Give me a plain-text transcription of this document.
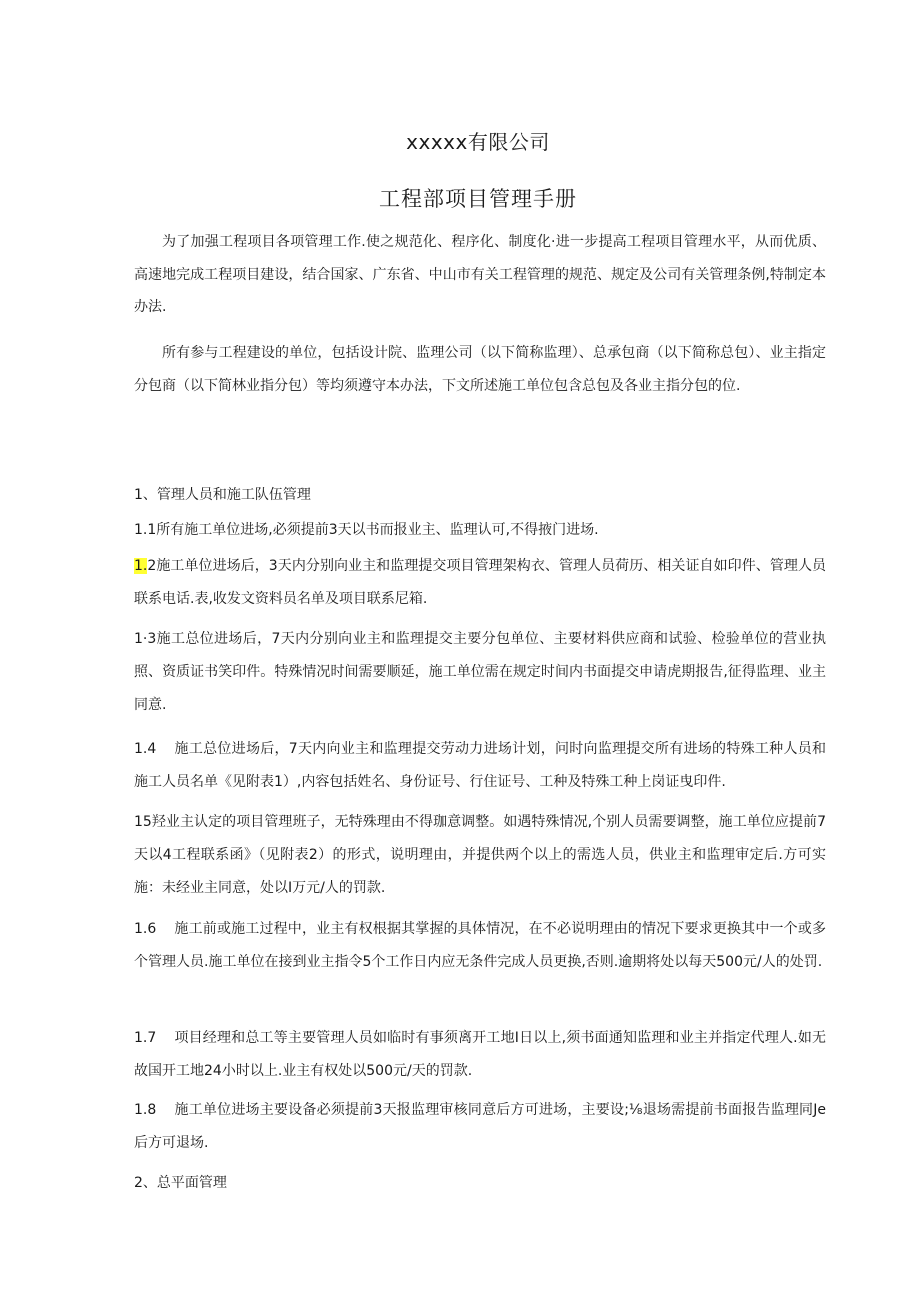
xxxxx有限公司
工程部项目管理手册

为了加强工程项目各项管理工作.使之规范化、程序化、制度化·进一步提高工程项目管理水平，从而优质、高速地完成工程项目建设，结合国家、广东省、中山市有关工程管理的规范、规定及公司有关管理条例,特制定本办法.

所有参与工程建设的单位，包括设计院、监理公司（以下简称监理）、总承包商（以下简称总包）、业主指定分包商（以下简林业指分包）等均须遵守本办法，下文所述施工单位包含总包及各业主指分包的位.

1、管理人员和施工队伍管理

1.1所有施工单位进场,必须提前3天以书而报业主、监理认可,不得掖门进场.

1.2施工单位进场后，3天内分别向业主和监理提交项目管理架构衣、管理人员荷历、相关证自如印件、管理人员联系电话.表,收发文资料员名单及项目联系尼箱.

1·3施工总位进场后，7天内分别向业主和监理提交主要分包单位、主要材料供应商和试验、检验单位的营业执照、资质证书笑印件。特殊情况时间需要顺延，施工单位需在规定时间内书面提交申请虎期报告,征得监理、业主同意.

1.4 施工总位进场后，7天内向业主和监理提交劳动力进场计划，问时向监理提交所有进场的特殊工种人员和施工人员名单《见附表1）,内容包括姓名、身份证号、行住证号、工种及特殊工种上岗证曳印件.

15羟业主认定的项目管理班子，无特殊理由不得珈意调整。如遇特殊情况,个别人员需要调整，施工单位应提前7天以4工程联系函》（见附表2）的形式，说明理由，并提供两个以上的需选人员，供业主和监理审定后.方可实施：未经业主同意，处以I万元/人的罚款.

1.6 施工前或施工过程中，业主有权根据其掌握的具体情况，在不必说明理由的情况下要求更换其中一个或多个管理人员.施工单位在接到业主指令5个工作日内应无条件完成人员更换,否则.逾期将处以每天500元/人的处罚.

1.7 项目经理和总工等主要管理人员如临时有事须离开工地I日以上,须书面通知监理和业主并指定代理人.如无故国开工地24小时以上.业主有权处以500元/天的罚款.

1.8 施工单位进场主要设备必须提前3天报监理审核同意后方可进场，主要设;⅛退场需提前书面报告监理同Je后方可退场.

2、总平面管理
